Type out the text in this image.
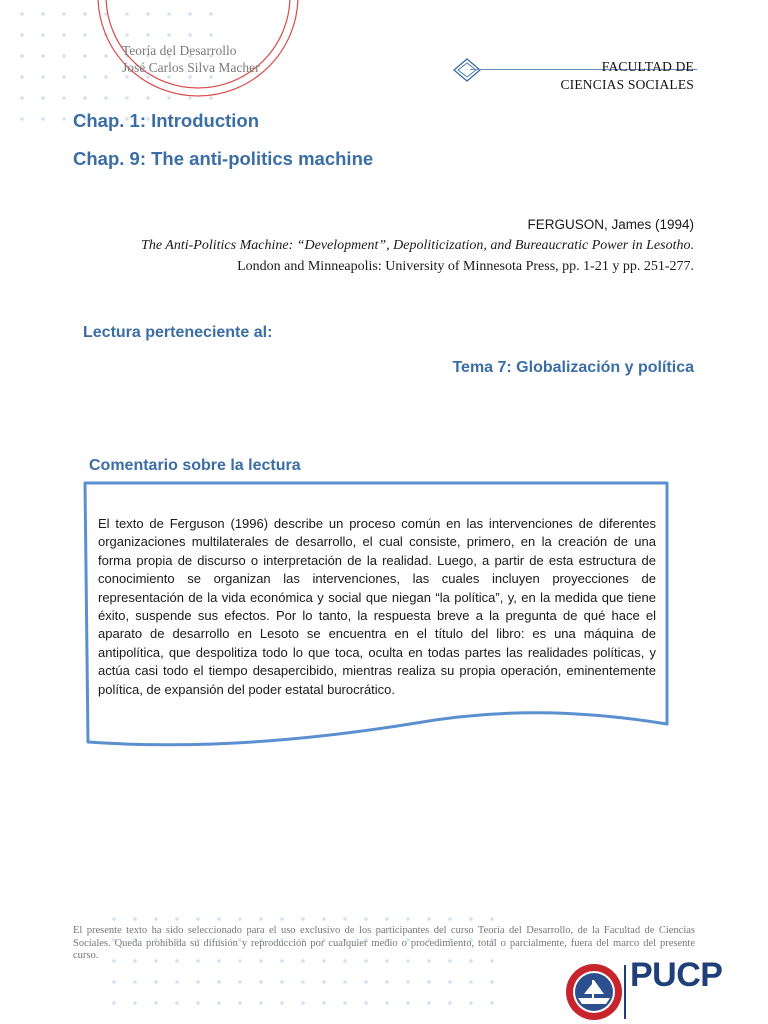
Teoría del Desarrollo
José Carlos Silva Macher	FACULTAD DE
CIENCIAS SOCIALES
Chap. 1: Introduction
Chap. 9: The anti-politics machine
FERGUSON, James (1994)
The Anti-Politics Machine: “Development”, Depoliticization, and Bureaucratic Power in Lesotho.
London and Minneapolis: University of Minnesota Press, pp. 1-21 y pp. 251-277.
Lectura perteneciente al:
Tema 7: Globalización y política
Comentario sobre la lectura
El texto de Ferguson (1996) describe un proceso común en las intervenciones de diferentes organizaciones multilaterales de desarrollo, el cual consiste, primero, en la creación de una forma propia de discurso o interpretación de la realidad. Luego, a partir de esta estructura de conocimiento se organizan las intervenciones, las cuales incluyen proyecciones de representación de la vida económica y social que niegan “la política”, y, en la medida que tiene éxito, suspende sus efectos. Por lo tanto, la respuesta breve a la pregunta de qué hace el aparato de desarrollo en Lesoto se encuentra en el título del libro: es una máquina de antipolítica, que despolitiza todo lo que toca, oculta en todas partes las realidades políticas, y actúa casi todo el tiempo desapercibido, mientras realiza su propia operación, eminentemente política, de expansión del poder estatal burocrático.
El presente texto ha sido seleccionado para el uso exclusivo de los participantes del curso Teoría del Desarrollo, de la Facultad de Ciencias Sociales. Queda prohibida su difusión y reproducción por cualquier medio o procedimiento, total o parcialmente, fuera del marco del presente curso.
PUCP
